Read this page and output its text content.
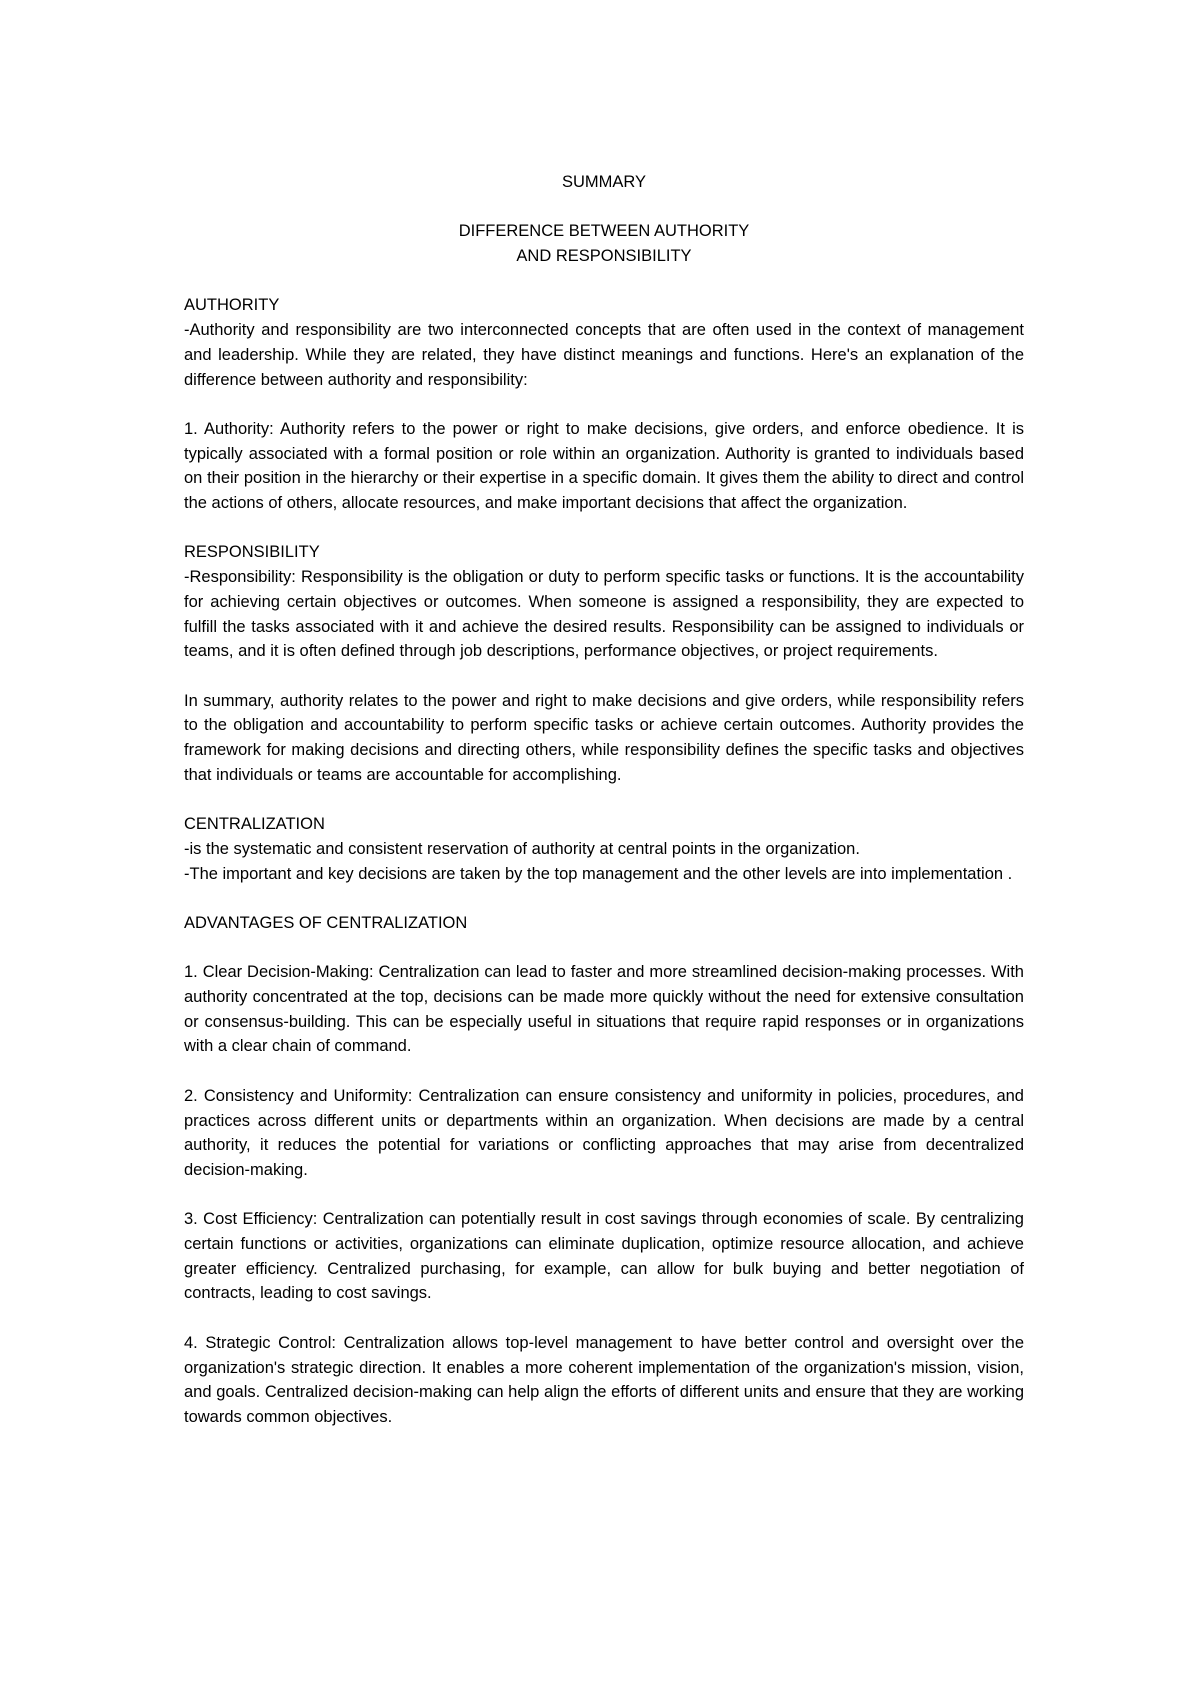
SUMMARY

DIFFERENCE BETWEEN AUTHORITY

AND RESPONSIBILITY

AUTHORITY

-Authority and responsibility are two interconnected concepts that are often used in the context of management and leadership. While they are related, they have distinct meanings and functions. Here's an explanation of the difference between authority and responsibility:

1. Authority: Authority refers to the power or right to make decisions, give orders, and enforce obedience. It is typically associated with a formal position or role within an organization. Authority is granted to individuals based on their position in the hierarchy or their expertise in a specific domain. It gives them the ability to direct and control the actions of others, allocate resources, and make important decisions that affect the organization.

RESPONSIBILITY

-Responsibility: Responsibility is the obligation or duty to perform specific tasks or functions. It is the accountability for achieving certain objectives or outcomes. When someone is assigned a responsibility, they are expected to fulfill the tasks associated with it and achieve the desired results. Responsibility can be assigned to individuals or teams, and it is often defined through job descriptions, performance objectives, or project requirements.

In summary, authority relates to the power and right to make decisions and give orders, while responsibility refers to the obligation and accountability to perform specific tasks or achieve certain outcomes. Authority provides the framework for making decisions and directing others, while responsibility defines the specific tasks and objectives that individuals or teams are accountable for accomplishing.

CENTRALIZATION

-is the systematic and consistent reservation of authority at central points in the organization.

-The important and key decisions are taken by the top management and the other levels are into implementation .

ADVANTAGES OF CENTRALIZATION

1. Clear Decision-Making: Centralization can lead to faster and more streamlined decision-making processes. With authority concentrated at the top, decisions can be made more quickly without the need for extensive consultation or consensus-building. This can be especially useful in situations that require rapid responses or in organizations with a clear chain of command.

2. Consistency and Uniformity: Centralization can ensure consistency and uniformity in policies, procedures, and practices across different units or departments within an organization. When decisions are made by a central authority, it reduces the potential for variations or conflicting approaches that may arise from decentralized decision-making.

3. Cost Efficiency: Centralization can potentially result in cost savings through economies of scale. By centralizing certain functions or activities, organizations can eliminate duplication, optimize resource allocation, and achieve greater efficiency. Centralized purchasing, for example, can allow for bulk buying and better negotiation of contracts, leading to cost savings.

4. Strategic Control: Centralization allows top-level management to have better control and oversight over the organization's strategic direction. It enables a more coherent implementation of the organization's mission, vision, and goals. Centralized decision-making can help align the efforts of different units and ensure that they are working towards common objectives.
